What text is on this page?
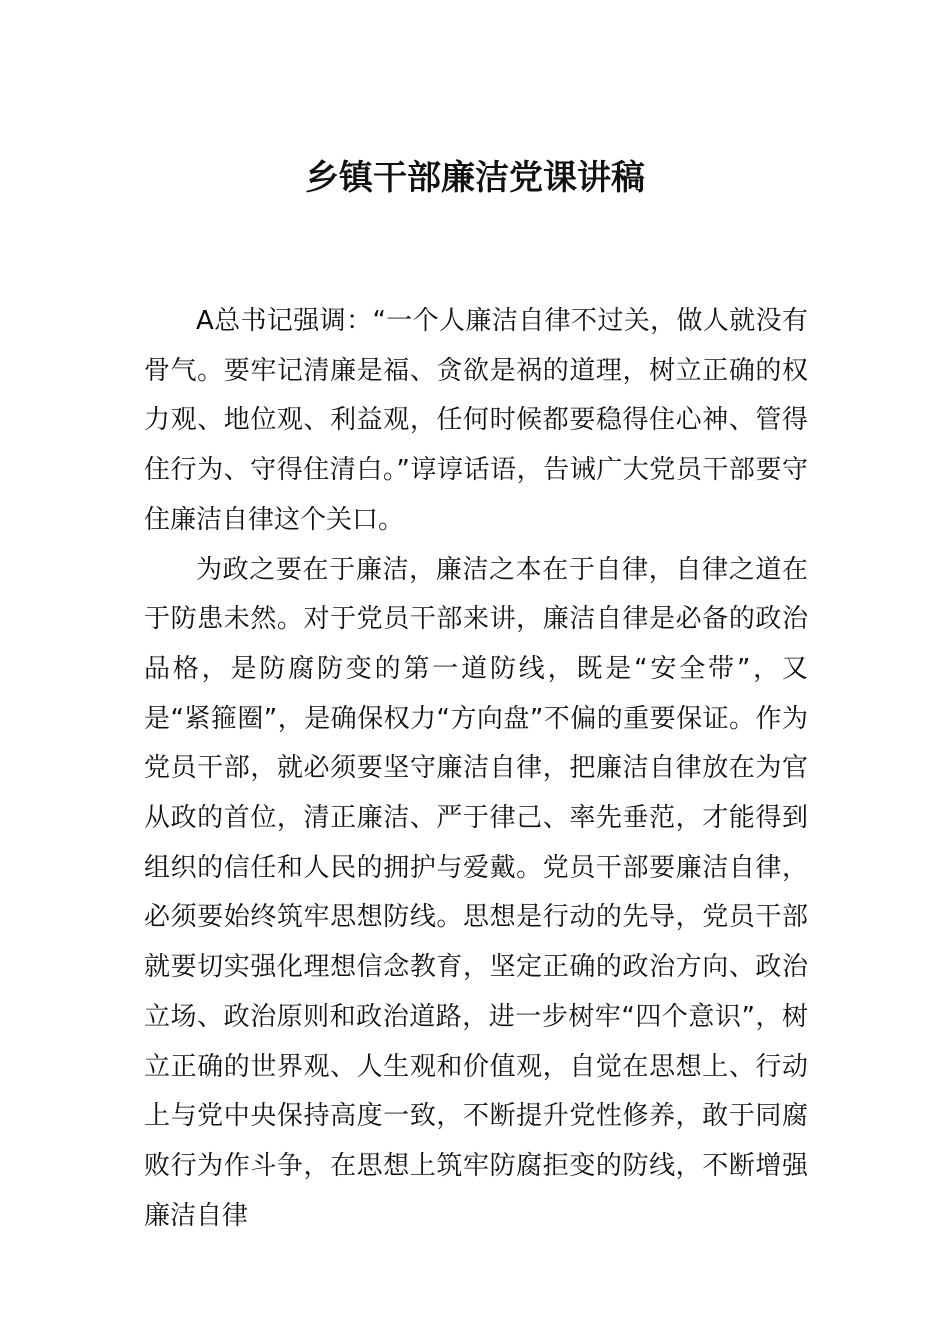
乡镇干部廉洁党课讲稿

A总书记强调：“一个人廉洁自律不过关，做人就没有骨气。要牢记清廉是福、贪欲是祸的道理，树立正确的权力观、地位观、利益观，任何时候都要稳得住心神、管得住行为、守得住清白。”谆谆话语，告诫广大党员干部要守住廉洁自律这个关口。

为政之要在于廉洁，廉洁之本在于自律，自律之道在于防患未然。对于党员干部来讲，廉洁自律是必备的政治品格，是防腐防变的第一道防线，既是“安全带”，又是“紧箍圈”，是确保权力“方向盘”不偏的重要保证。作为党员干部，就必须要坚守廉洁自律，把廉洁自律放在为官从政的首位，清正廉洁、严于律己、率先垂范，才能得到组织的信任和人民的拥护与爱戴。党员干部要廉洁自律，必须要始终筑牢思想防线。思想是行动的先导，党员干部就要切实强化理想信念教育，坚定正确的政治方向、政治立场、政治原则和政治道路，进一步树牢“四个意识”，树立正确的世界观、人生观和价值观，自觉在思想上、行动上与党中央保持高度一致，不断提升党性修养，敢于同腐败行为作斗争，在思想上筑牢防腐拒变的防线，不断增强廉洁自律
